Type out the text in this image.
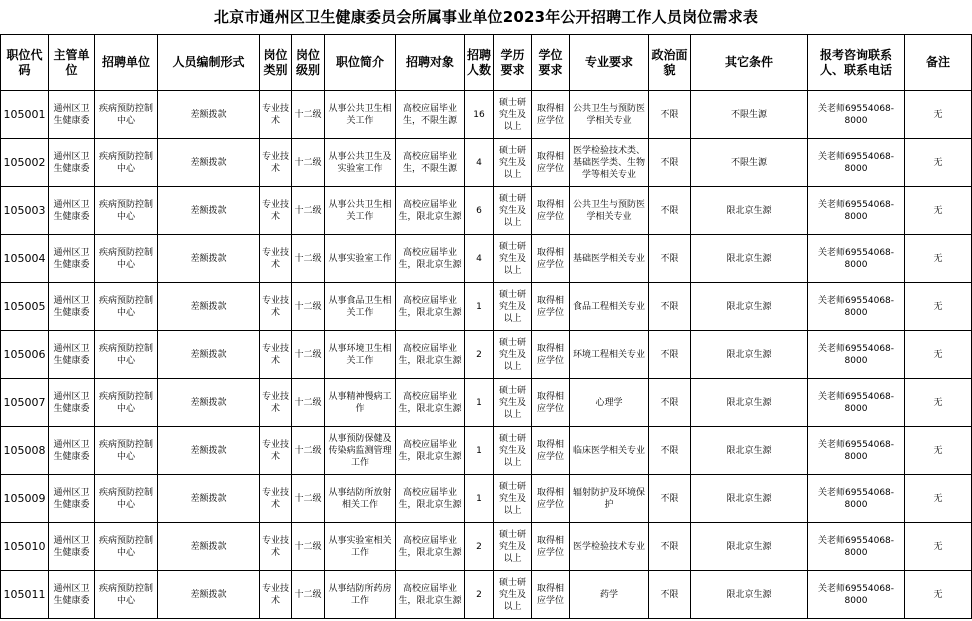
北京市通州区卫生健康委员会所属事业单位2023年公开招聘工作人员岗位需求表
职位代码	主管单位	招聘单位	人员编制形式	岗位类别	岗位级别	职位简介	招聘对象	招聘人数	学历要求	学位要求	专业要求	政治面貌	其它条件	报考咨询联系人、联系电话	备注

105001	通州区卫生健康委	疾病预防控制中心	差额拨款	专业技术	十二级	从事公共卫生相关工作	高校应届毕业生，不限生源	16	硕士研究生及以上	取得相应学位	公共卫生与预防医学相关专业	不限	不限生源	关老师69554068-8000	无

105002	通州区卫生健康委	疾病预防控制中心	差额拨款	专业技术	十二级	从事公共卫生及实验室工作	高校应届毕业生，不限生源	4	硕士研究生及以上	取得相应学位	医学检验技术类、基础医学类、生物学等相关专业	不限	不限生源	关老师69554068-8000	无

105003	通州区卫生健康委	疾病预防控制中心	差额拨款	专业技术	十二级	从事公共卫生相关工作	高校应届毕业生，限北京生源	6	硕士研究生及以上	取得相应学位	公共卫生与预防医学相关专业	不限	限北京生源	关老师69554068-8000	无

105004	通州区卫生健康委	疾病预防控制中心	差额拨款	专业技术	十二级	从事实验室工作	高校应届毕业生，限北京生源	4	硕士研究生及以上	取得相应学位	基础医学相关专业	不限	限北京生源	关老师69554068-8000	无

105005	通州区卫生健康委	疾病预防控制中心	差额拨款	专业技术	十二级	从事食品卫生相关工作	高校应届毕业生，限北京生源	1	硕士研究生及以上	取得相应学位	食品工程相关专业	不限	限北京生源	关老师69554068-8000	无

105006	通州区卫生健康委	疾病预防控制中心	差额拨款	专业技术	十二级	从事环境卫生相关工作	高校应届毕业生，限北京生源	2	硕士研究生及以上	取得相应学位	环境工程相关专业	不限	限北京生源	关老师69554068-8000	无

105007	通州区卫生健康委	疾病预防控制中心	差额拨款	专业技术	十二级	从事精神慢病工作	高校应届毕业生，限北京生源	1	硕士研究生及以上	取得相应学位	心理学	不限	限北京生源	关老师69554068-8000	无

105008	通州区卫生健康委	疾病预防控制中心	差额拨款	专业技术	十二级	从事预防保健及传染病监测管理工作	高校应届毕业生，限北京生源	1	硕士研究生及以上	取得相应学位	临床医学相关专业	不限	限北京生源	关老师69554068-8000	无

105009	通州区卫生健康委	疾病预防控制中心	差额拨款	专业技术	十二级	从事结防所放射相关工作	高校应届毕业生，限北京生源	1	硕士研究生及以上	取得相应学位	辐射防护及环境保护	不限	限北京生源	关老师69554068-8000	无

105010	通州区卫生健康委	疾病预防控制中心	差额拨款	专业技术	十二级	从事实验室相关工作	高校应届毕业生，限北京生源	2	硕士研究生及以上	取得相应学位	医学检验技术专业	不限	限北京生源	关老师69554068-8000	无

105011	通州区卫生健康委	疾病预防控制中心	差额拨款	专业技术	十二级	从事结防所药房工作	高校应届毕业生，限北京生源	2	硕士研究生及以上	取得相应学位	药学	不限	限北京生源	关老师69554068-8000	无
